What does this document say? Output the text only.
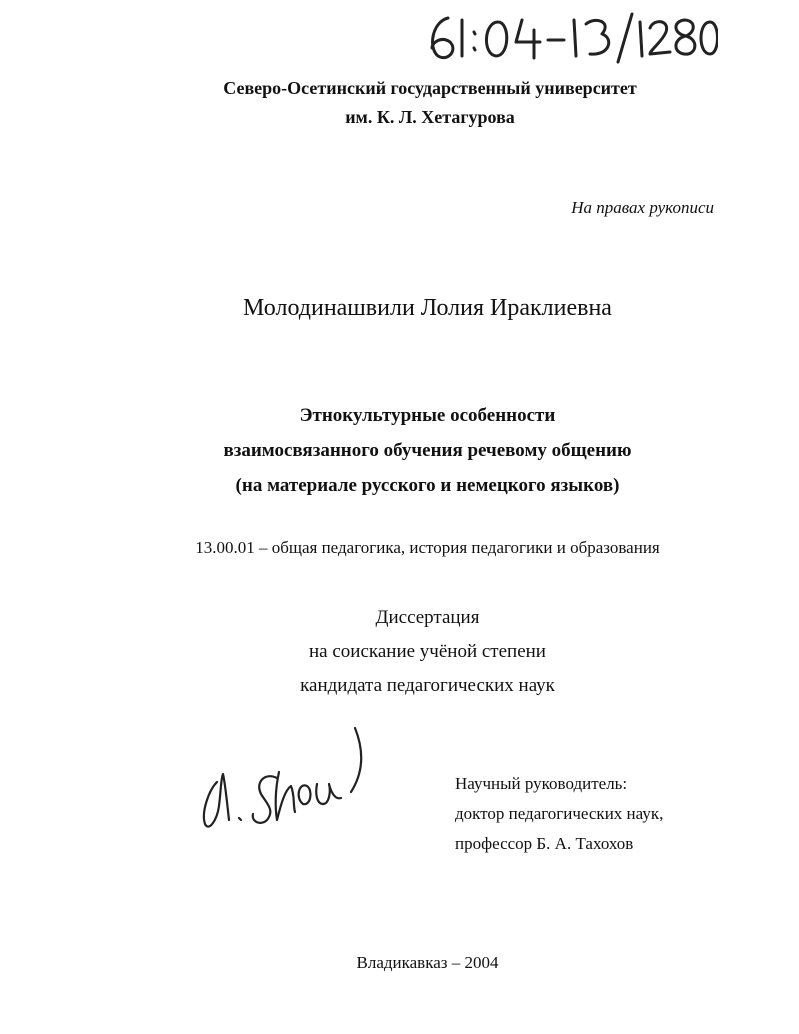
Северо-Осетинский государственный университет
им. К. Л. Хетагурова
На правах рукописи
Молодинашвили Лолия Ираклиевна
Этнокультурные особенности
взаимосвязанного обучения речевому общению
(на материале русского и немецкого языков)
13.00.01 – общая педагогика, история педагогики и образования
Диссертация
на соискание учёной степени
кандидата педагогических наук
Научный руководитель:
доктор педагогических наук,
профессор Б. А. Тахохов
Владикавказ – 2004
